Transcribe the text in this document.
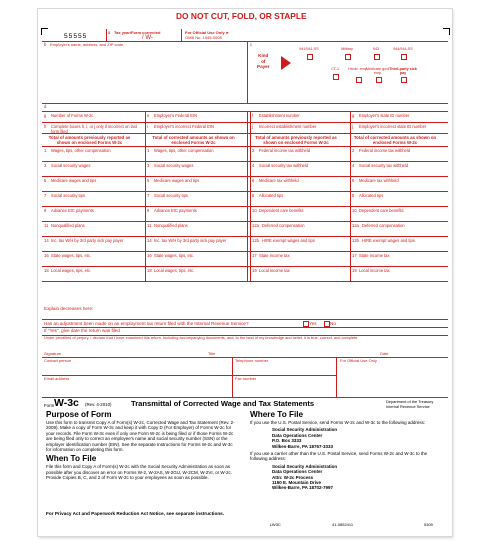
DO NOT CUT, FOLD, OR STAPLE
55555
a Tax year/Form corrected
/ W-
For Official Use Only ►
OMB No. 1545-0008
b Employer's name, address, and ZIP code	c
Kind
of
Payer
941/941-SS	Military	943	944/944-SS
CT-1	Hshld. emp.
Medicare govt. emp.
Third-party sick pay
d
g Number of Forms W-2c	e Employer's Federal EIN	f Establishment number	g Employer's state ID number
h Complete boxes h, i, or j only if incorrect on last form filed
i Employer's incorrect Federal EIN	j Incorrect establishment number	j Employer's incorrect state ID number
Total of amounts previously reported as shown on enclosed Forms W-2c
Total of corrected amounts as shown on enclosed Forms W-2c
Total of amounts previously reported as shown on enclosed Forms W-2c
Total of corrected amounts as shown on enclosed Forms W-2c
1 Wages, tips, other compensation	1 Wages, tips, other compensation	2 Federal income tax withheld	2 Federal income tax withheld
3 Social security wages	3 Social security wages	4 Social security tax withheld	4 Social security tax withheld
5 Medicare wages and tips	5 Medicare wages and tips	6 Medicare tax withheld	6 Medicare tax withheld
7 Social security tips	7 Social security tips	8 Allocated tips	8 Allocated tips
9 Advance EIC payments	9 Advance EIC payments	10 Dependent care benefits	10 Dependent care benefits
11 Nonqualified plans	11 Nonqualified plans	12a Deferred compensation	12a Deferred compensation
14 Inc. tax W/H by 3rd party sick pay payer	14 Inc. tax W/H by 3rd party sick pay payer	12b HIRE exempt wages and tips	12b HIRE exempt wages and tips
16 State wages, tips, etc.	16 State wages, tips, etc.	17 State income tax	17 State income tax
18 Local wages, tips, etc.	18 Local wages, tips, etc.	19 Local income tax	19 Local income tax
Explain decreases here:
Has an adjustment been made on an employment tax return filed with the Internal Revenue Service?	Yes	No
If "Yes", give date the return was filed
Under penalties of perjury, I declare that I have examined this return, including accompanying documents, and, to the best of my knowledge and belief, it is true, correct, and complete.
Signature	Title	Date
Contact person	Telephone number	For Official Use Only
Email address	Fax number
Form W-3c (Rev. 4-2010)	Transmittal of Corrected Wage and Tax Statements	Department of the Treasury
Internal Revenue Service
Purpose of Form

Use this form to transmit Copy A of Form(s) W-2c, Corrected Wage and Tax Statement (Rev. 2-2009). Make a copy of Form W-3c and keep it with Copy D (For Employer) of Forms W-2c for your records. File Form W-3c even if only one Form W-2c is being filed or if those Forms W-2c are being filed only to correct an employee's name and social security number (SSN) or the employer identification number (EIN). See the separate Instructions for Forms W-2c and W-3c for information on completing this form.

When To File

File this form and Copy A of Form(s) W-2c with the Social Security Administration as soon as possible after you discover an error on Forms W-2, W-2AS, W-2GU, W-2CM, W-2VI, or W-2c. Provide Copies B, C, and 2 of Form W-2c to your employees as soon as possible.

Where To File

If you use the U.S. Postal Service, send Forms W-2c and W-3c to the following address:

Social Security Administration
Data Operations Center
P.O. Box 3333
Wilkes-Barre, PA 18767-3333

If you use a carrier other than the U.S. Postal Service, send Forms W-2c and W-3c to the following address:

Social Security Administration
Data Operations Center
Attn: W-2c Process
1150 E. Mountain Drive
Wilkes-Barre, PA 18702-7997
For Privacy Act and Paperwork Reduction Act Notice, see separate instructions.
LW3C	41-0852411	5309
